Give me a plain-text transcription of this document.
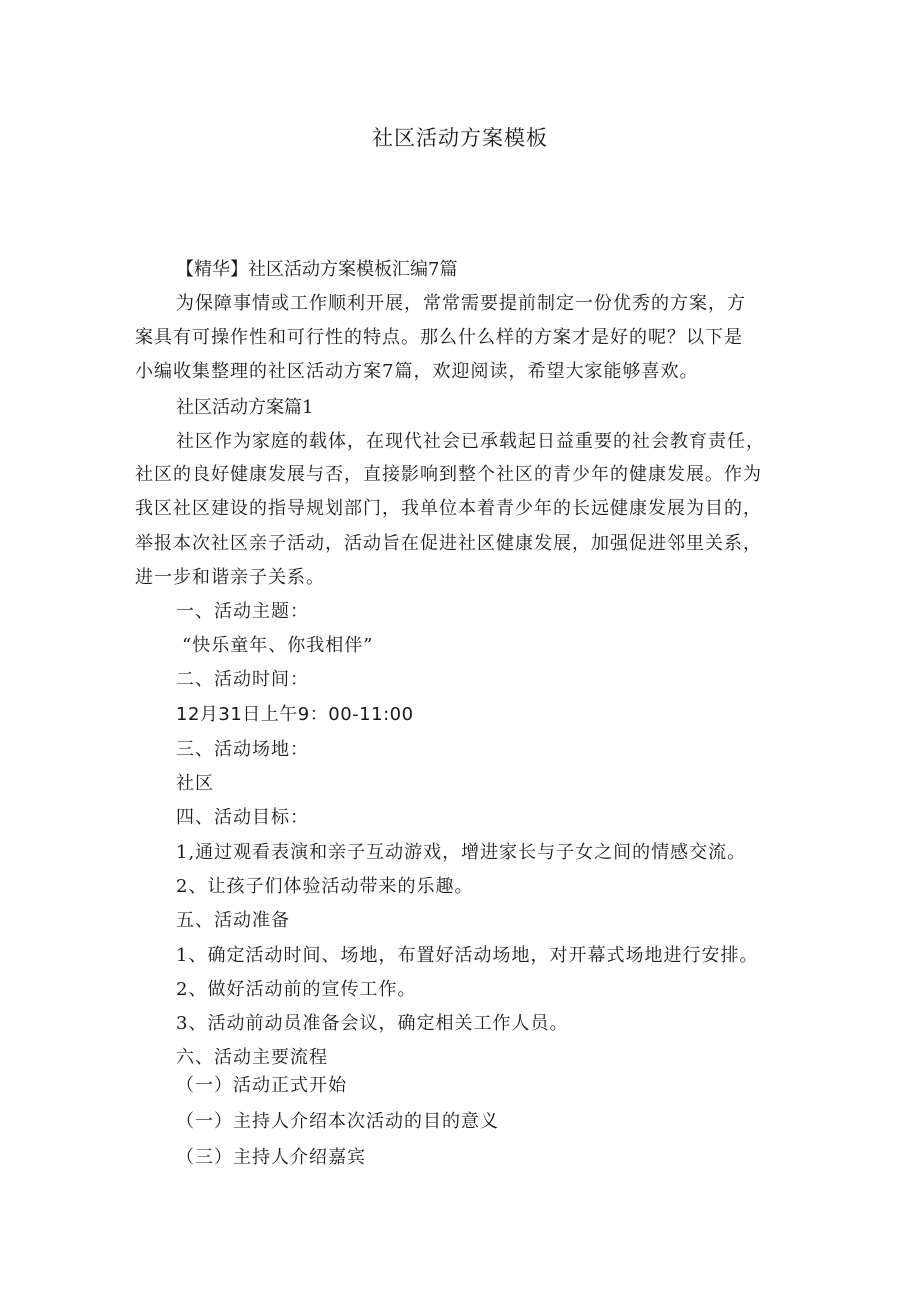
社区活动方案模板
【精华】社区活动方案模板汇编7篇
为保障事情或工作顺利开展，常常需要提前制定一份优秀的方案，方
案具有可操作性和可行性的特点。那么什么样的方案才是好的呢？以下是
小编收集整理的社区活动方案7篇，欢迎阅读，希望大家能够喜欢。
社区活动方案篇1
社区作为家庭的载体，在现代社会已承载起日益重要的社会教育责任，
社区的良好健康发展与否，直接影响到整个社区的青少年的健康发展。作为
我区社区建设的指导规划部门，我单位本着青少年的长远健康发展为目的，
举报本次社区亲子活动，活动旨在促进社区健康发展，加强促进邻里关系，
进一步和谐亲子关系。
一、活动主题：
“快乐童年、你我相伴”
二、活动时间：
12月31日上午9：00-11:00
三、活动场地：
社区
四、活动目标：
1,通过观看表演和亲子互动游戏，增进家长与子女之间的情感交流。
2、让孩子们体验活动带来的乐趣。
五、活动准备
1、确定活动时间、场地，布置好活动场地，对开幕式场地进行安排。
2、做好活动前的宣传工作。
3、活动前动员准备会议，确定相关工作人员。
六、活动主要流程
（一）活动正式开始
（一）主持人介绍本次活动的目的意义
（三）主持人介绍嘉宾
